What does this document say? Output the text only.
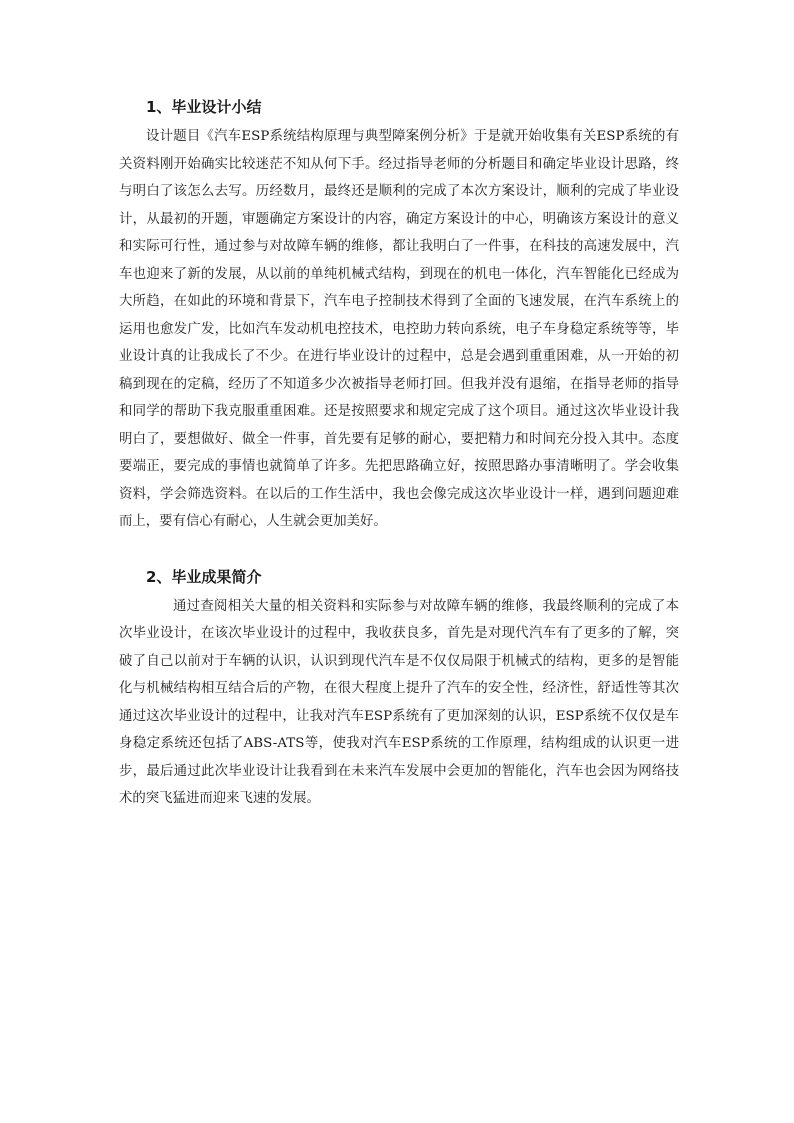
1、毕业设计小结

设计题目《汽车ESP系统结构原理与典型障案例分析》于是就开始收集有关ESP系统的有关资料刚开始确实比较迷茫不知从何下手。经过指导老师的分析题目和确定毕业设计思路，终与明白了该怎么去写。历经数月，最终还是顺利的完成了本次方案设计，顺利的完成了毕业设计，从最初的开题，审题确定方案设计的内容，确定方案设计的中心，明确该方案设计的意义和实际可行性，通过参与对故障车辆的维修，都让我明白了一件事，在科技的高速发展中，汽车也迎来了新的发展，从以前的单纯机械式结构，到现在的机电一体化，汽车智能化已经成为大所趋，在如此的环境和背景下，汽车电子控制技术得到了全面的飞速发展，在汽车系统上的运用也愈发广发，比如汽车发动机电控技术，电控助力转向系统，电子车身稳定系统等等，毕业设计真的让我成长了不少。在进行毕业设计的过程中，总是会遇到重重困难，从一开始的初稿到现在的定稿，经历了不知道多少次被指导老师打回。但我并没有退缩，在指导老师的指导和同学的帮助下我克服重重困难。还是按照要求和规定完成了这个项目。通过这次毕业设计我明白了，要想做好、做全一件事，首先要有足够的耐心，要把精力和时间充分投入其中。态度要端正，要完成的事情也就简单了许多。先把思路确立好，按照思路办事清晰明了。学会收集资料，学会筛选资料。在以后的工作生活中，我也会像完成这次毕业设计一样，遇到问题迎难而上，要有信心有耐心，人生就会更加美好。

2、毕业成果简介

通过查阅相关大量的相关资料和实际参与对故障车辆的维修，我最终顺利的完成了本次毕业设计，在该次毕业设计的过程中，我收获良多，首先是对现代汽车有了更多的了解，突破了自己以前对于车辆的认识，认识到现代汽车是不仅仅局限于机械式的结构，更多的是智能化与机械结构相互结合后的产物，在很大程度上提升了汽车的安全性，经济性，舒适性等其次通过这次毕业设计的过程中，让我对汽车ESP系统有了更加深刻的认识，ESP系统不仅仅是车身稳定系统还包括了ABS-ATS等，使我对汽车ESP系统的工作原理，结构组成的认识更一进步，最后通过此次毕业设计让我看到在未来汽车发展中会更加的智能化，汽车也会因为网络技术的突飞猛进而迎来飞速的发展。
